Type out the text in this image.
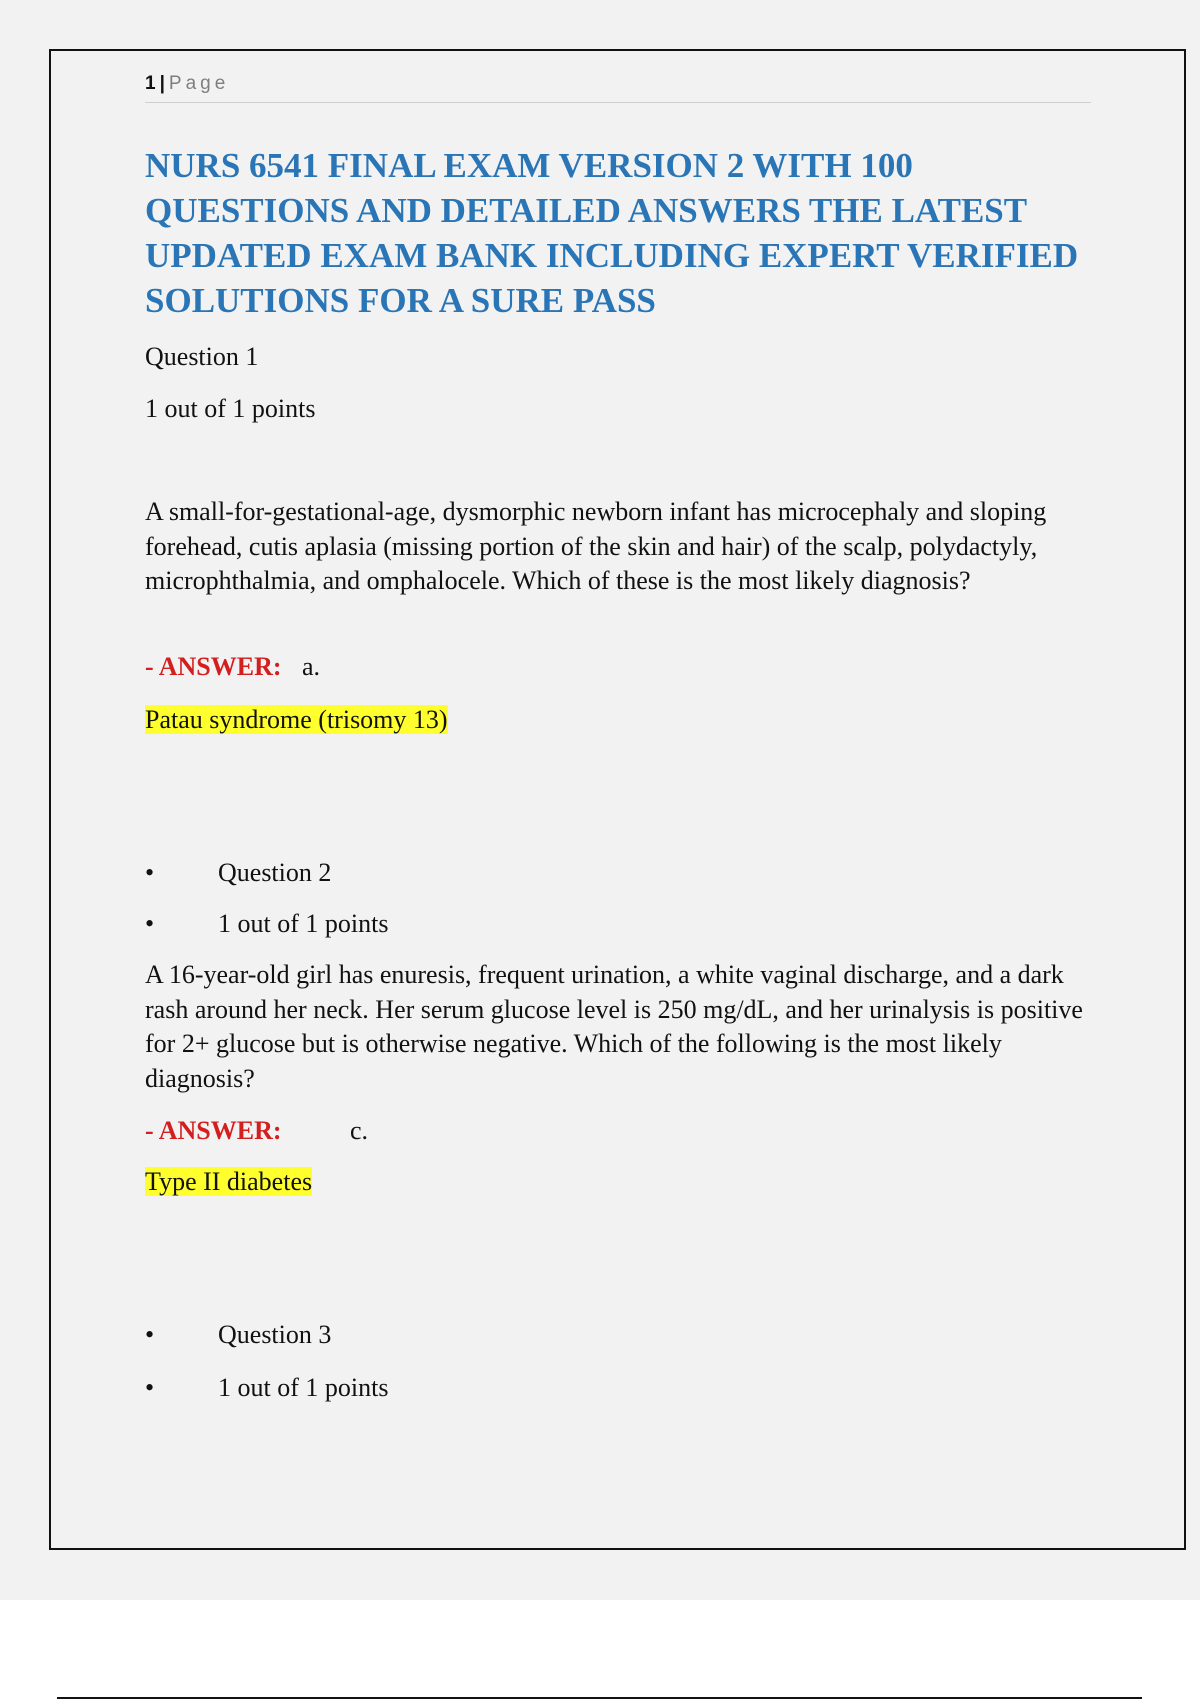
1 | Page
NURS 6541 FINAL EXAM VERSION 2 WITH 100 QUESTIONS AND DETAILED ANSWERS THE LATEST UPDATED EXAM BANK INCLUDING EXPERT VERIFIED SOLUTIONS FOR A SURE PASS

Question 1

1 out of 1 points

A small-for-gestational-age, dysmorphic newborn infant has microcephaly and sloping forehead, cutis aplasia (missing portion of the skin and hair) of the scalp, polydactyly, microphthalmia, and omphalocele. Which of these is the most likely diagnosis?

- ANSWER: a.

Patau syndrome (trisomy 13)

• Question 2

• 1 out of 1 points

A 16-year-old girl has enuresis, frequent urination, a white vaginal discharge, and a dark rash around her neck. Her serum glucose level is 250 mg/dL, and her urinalysis is positive for 2+ glucose but is otherwise negative. Which of the following is the most likely diagnosis?

- ANSWER:	c.

Type II diabetes

• Question 3

• 1 out of 1 points
